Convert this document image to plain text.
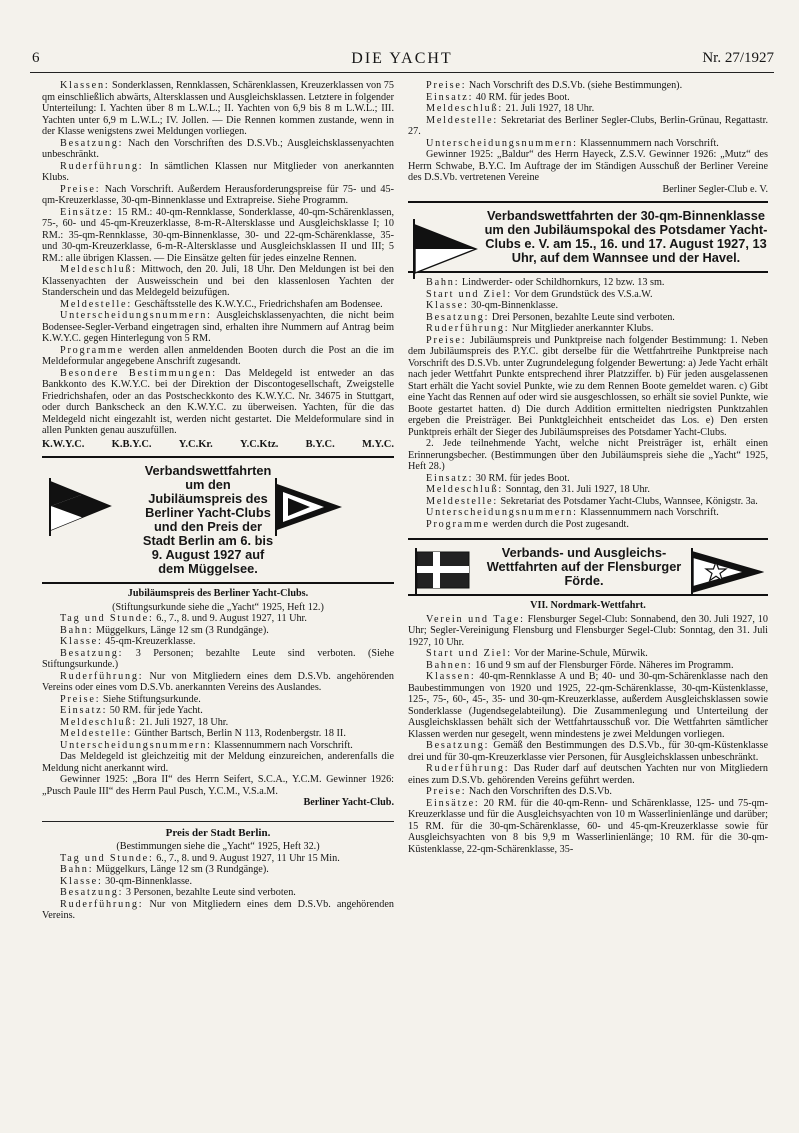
6	DIE YACHT	Nr. 27/1927

Klassen: Sonderklassen, Rennklassen, Schärenklassen, Kreuzerklassen von 75 qm einschließlich abwärts, Altersklassen und Ausgleichsklassen. Letztere in folgender Unterteilung: I. Yachten über 8 m L.W.L.; II. Yachten von 6,9 bis 8 m L.W.L.; III. Yachten unter 6,9 m L.W.L.; IV. Jollen. — Die Rennen kommen zustande, wenn in der Klasse wenigstens zwei Meldungen vorliegen.

Besatzung: Nach den Vorschriften des D.S.Vb.; Ausgleichsklassenyachten unbeschränkt.

Ruderführung: In sämtlichen Klassen nur Mitglieder von anerkannten Klubs.

Preise: Nach Vorschrift. Außerdem Herausforderungspreise für 75- und 45-qm-Kreuzerklasse, 30-qm-Binnenklasse und Extrapreise. Siehe Programm.

Einsätze: 15 RM.: 40-qm-Rennklasse, Sonderklasse, 40-qm-Schärenklassen, 75-, 60- und 45-qm-Kreuzerklasse, 8-m-R-Altersklasse und Ausgleichsklasse I; 10 RM.: 35-qm-Rennklasse, 30-qm-Binnenklasse, 30- und 22-qm-Schärenklasse, 35- und 30-qm-Kreuzerklasse, 6-m-R-Altersklasse und Ausgleichsklassen II und III; 5 RM.: alle übrigen Klassen. — Die Einsätze gelten für jedes einzelne Rennen.

Meldeschluß: Mittwoch, den 20. Juli, 18 Uhr. Den Meldungen ist bei den Klassenyachten der Ausweisschein und bei den klassenlosen Yachten der Standerschein und das Meldegeld beizufügen.

Meldestelle: Geschäftsstelle des K.W.Y.C., Friedrichshafen am Bodensee.

Unterscheidungsnummern: Ausgleichsklassenyachten, die nicht beim Bodensee-Segler-Verband eingetragen sind, erhalten ihre Nummern auf Antrag beim K.W.Y.C. gegen Hinterlegung von 5 RM.

Programme werden allen anmeldenden Booten durch die Post an die im Meldeformular angegebene Anschrift zugesandt.

Besondere Bestimmungen: Das Meldegeld ist entweder an das Bankkonto des K.W.Y.C. bei der Direktion der Discontogesellschaft, Zweigstelle Friedrichshafen, oder an das Postscheckkonto des K.W.Y.C. Nr. 34675 in Stuttgart, oder durch Bankscheck an den K.W.Y.C. zu überweisen. Yachten, für die das Meldegeld nicht eingezahlt ist, werden nicht gestartet. Die Meldeformulare sind in allen Punkten genau auszufüllen.

K.W.Y.C.	K.B.Y.C.	Y.C.Kr.	Y.C.Ktz.	B.Y.C.	M.Y.C.
Verbandswettfahrten um den Jubiläumspreis des Berliner Yacht-Clubs und den Preis der Stadt Berlin am 6. bis 9. August 1927 auf dem Müggelsee.
Jubiläumspreis des Berliner Yacht-Clubs.

(Stiftungsurkunde siehe die „Yacht“ 1925, Heft 12.)

Tag und Stunde: 6., 7., 8. und 9. August 1927, 11 Uhr.

Bahn: Müggelkurs, Länge 12 sm (3 Rundgänge).

Klasse: 45-qm-Kreuzerklasse.

Besatzung: 3 Personen; bezahlte Leute sind verboten. (Siehe Stiftungsurkunde.)

Ruderführung: Nur von Mitgliedern eines dem D.S.Vb. angehörenden Vereins oder eines vom D.S.Vb. anerkannten Vereins des Auslandes.

Preise: Siehe Stiftungsurkunde.

Einsatz: 50 RM. für jede Yacht.

Meldeschluß: 21. Juli 1927, 18 Uhr.

Meldestelle: Günther Bartsch, Berlin N 113, Rodenbergstr. 18 II.

Unterscheidungsnummern: Klassennummern nach Vorschrift.

Das Meldegeld ist gleichzeitig mit der Meldung einzureichen, anderenfalls die Meldung nicht anerkannt wird.

Gewinner 1925: „Bora II“ des Herrn Seifert, S.C.A., Y.C.M. Gewinner 1926: „Pusch Paule III“ des Herrn Paul Pusch, Y.C.M., V.S.a.M.

Berliner Yacht-Club.

Preis der Stadt Berlin.

(Bestimmungen siehe die „Yacht“ 1925, Heft 32.)

Tag und Stunde: 6., 7., 8. und 9. August 1927, 11 Uhr 15 Min.

Bahn: Müggelkurs, Länge 12 sm (3 Rundgänge).

Klasse: 30-qm-Binnenklasse.

Besatzung: 3 Personen, bezahlte Leute sind verboten.

Ruderführung: Nur von Mitgliedern eines dem D.S.Vb. angehörenden Vereins.

Preise: Nach Vorschrift des D.S.Vb. (siehe Bestimmungen).

Einsatz: 40 RM. für jedes Boot.

Meldeschluß: 21. Juli 1927, 18 Uhr.

Meldestelle: Sekretariat des Berliner Segler-Clubs, Berlin-Grünau, Regattastr. 27.

Unterscheidungsnummern: Klassennummern nach Vorschrift.

Gewinner 1925: „Baldur“ des Herrn Hayeck, Z.S.V. Gewinner 1926: „Mutz“ des Herrn Schwabe, B.Y.C. Im Auftrage der im Ständigen Ausschuß der Berliner Vereine des D.S.Vb. vertretenen Vereine

Berliner Segler-Club e. V.

Verbandswettfahrten der 30-qm-Binnenklasse um den Jubiläumspokal des Potsdamer Yacht-Clubs e. V. am 15., 16. und 17. August 1927, 13 Uhr, auf dem Wannsee und der Havel.

Bahn: Lindwerder- oder Schildhornkurs, 12 bzw. 13 sm.

Start und Ziel: Vor dem Grundstück des V.S.a.W.

Klasse: 30-qm-Binnenklasse.

Besatzung: Drei Personen, bezahlte Leute sind verboten.

Ruderführung: Nur Mitglieder anerkannter Klubs.

Preise: Jubiläumspreis und Punktpreise nach folgender Bestimmung: 1. Neben dem Jubiläumspreis des P.Y.C. gibt derselbe für die Wettfahrtreihe Punktpreise nach Vorschrift des D.S.Vb. unter Zugrundelegung folgender Bewertung: a) Jede Yacht erhält nach jeder Wettfahrt Punkte entsprechend ihrer Platzziffer. b) Für jeden ausgelassenen Start erhält die Yacht soviel Punkte, wie zu dem Rennen Boote gemeldet waren. c) Gibt eine Yacht das Rennen auf oder wird sie ausgeschlossen, so erhält sie soviel Punkte, wie Boote gestartet hatten. d) Die durch Addition ermittelten niedrigsten Punktzahlen ergeben die Preisträger. Bei Punktgleichheit entscheidet das Los. e) Den ersten Punktpreis erhält der Sieger des Jubiläumspreises des Potsdamer Yacht-Clubs.

2. Jede teilnehmende Yacht, welche nicht Preisträger ist, erhält einen Erinnerungsbecher. (Bestimmungen über den Jubiläumspreis siehe die „Yacht“ 1925, Heft 28.)

Einsatz: 30 RM. für jedes Boot.

Meldeschluß: Sonntag, den 31. Juli 1927, 18 Uhr.

Meldestelle: Sekretariat des Potsdamer Yacht-Clubs, Wannsee, Königstr. 3a.

Unterscheidungsnummern: Klassennummern nach Vorschrift.

Programme werden durch die Post zugesandt.

Verbands- und Ausgleichs-Wettfahrten auf der Flensburger Förde.
VII. Nordmark-Wettfahrt.

Verein und Tage: Flensburger Segel-Club: Sonnabend, den 30. Juli 1927, 10 Uhr; Segler-Vereinigung Flensburg und Flensburger Segel-Club: Sonntag, den 31. Juli 1927, 10 Uhr.

Start und Ziel: Vor der Marine-Schule, Mürwik.

Bahnen: 16 und 9 sm auf der Flensburger Förde. Näheres im Programm.

Klassen: 40-qm-Rennklasse A und B; 40- und 30-qm-Schärenklasse nach den Baubestimmungen von 1920 und 1925, 22-qm-Schärenklasse, 30-qm-Küstenklasse, 125-, 75-, 60-, 45-, 35- und 30-qm-Kreuzerklasse, außerdem Ausgleichsklassen sowie Sonderklasse (Jugendsegelabteilung). Die Zusammenlegung und Unterteilung der Ausgleichsklassen behält sich der Wettfahrtausschuß vor. Die Wettfahrten sämtlicher Klassen werden nur gesegelt, wenn mindestens je zwei Meldungen vorliegen.

Besatzung: Gemäß den Bestimmungen des D.S.Vb., für 30-qm-Küstenklasse drei und für 30-qm-Kreuzerklasse vier Personen, für Ausgleichsklassen unbeschränkt.

Ruderführung: Das Ruder darf auf deutschen Yachten nur von Mitgliedern eines zum D.S.Vb. gehörenden Vereins geführt werden.

Preise: Nach den Vorschriften des D.S.Vb.

Einsätze: 20 RM. für die 40-qm-Renn- und Schärenklasse, 125- und 75-qm-Kreuzerklasse und für die Ausgleichsyachten von 10 m Wasserlinienlänge und darüber; 15 RM. für die 30-qm-Schärenklasse, 60- und 45-qm-Kreuzerklasse sowie für Ausgleichsyachten von 8 bis 9,9 m Wasserlinienlänge; 10 RM. für die 30-qm-Küstenklasse, 22-qm-Schärenklasse, 35-
